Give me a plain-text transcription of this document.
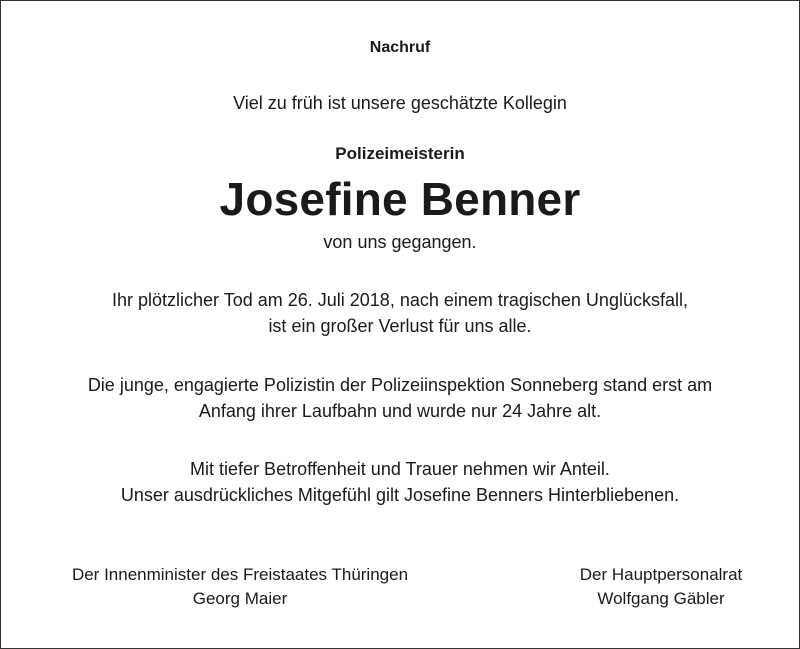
Nachruf
Viel zu früh ist unsere geschätzte Kollegin
Polizeimeisterin
Josefine Benner
von uns gegangen.
Ihr plötzlicher Tod am 26. Juli 2018, nach einem tragischen Unglücksfall,
ist ein großer Verlust für uns alle.
Die junge, engagierte Polizistin der Polizeiinspektion Sonneberg stand erst am
Anfang ihrer Laufbahn und wurde nur 24 Jahre alt.
Mit tiefer Betroffenheit und Trauer nehmen wir Anteil.
Unser ausdrückliches Mitgefühl gilt Josefine Benners Hinterbliebenen.
Der Innenminister des Freistaates Thüringen
Georg Maier
Der Hauptpersonalrat
Wolfgang Gäbler
